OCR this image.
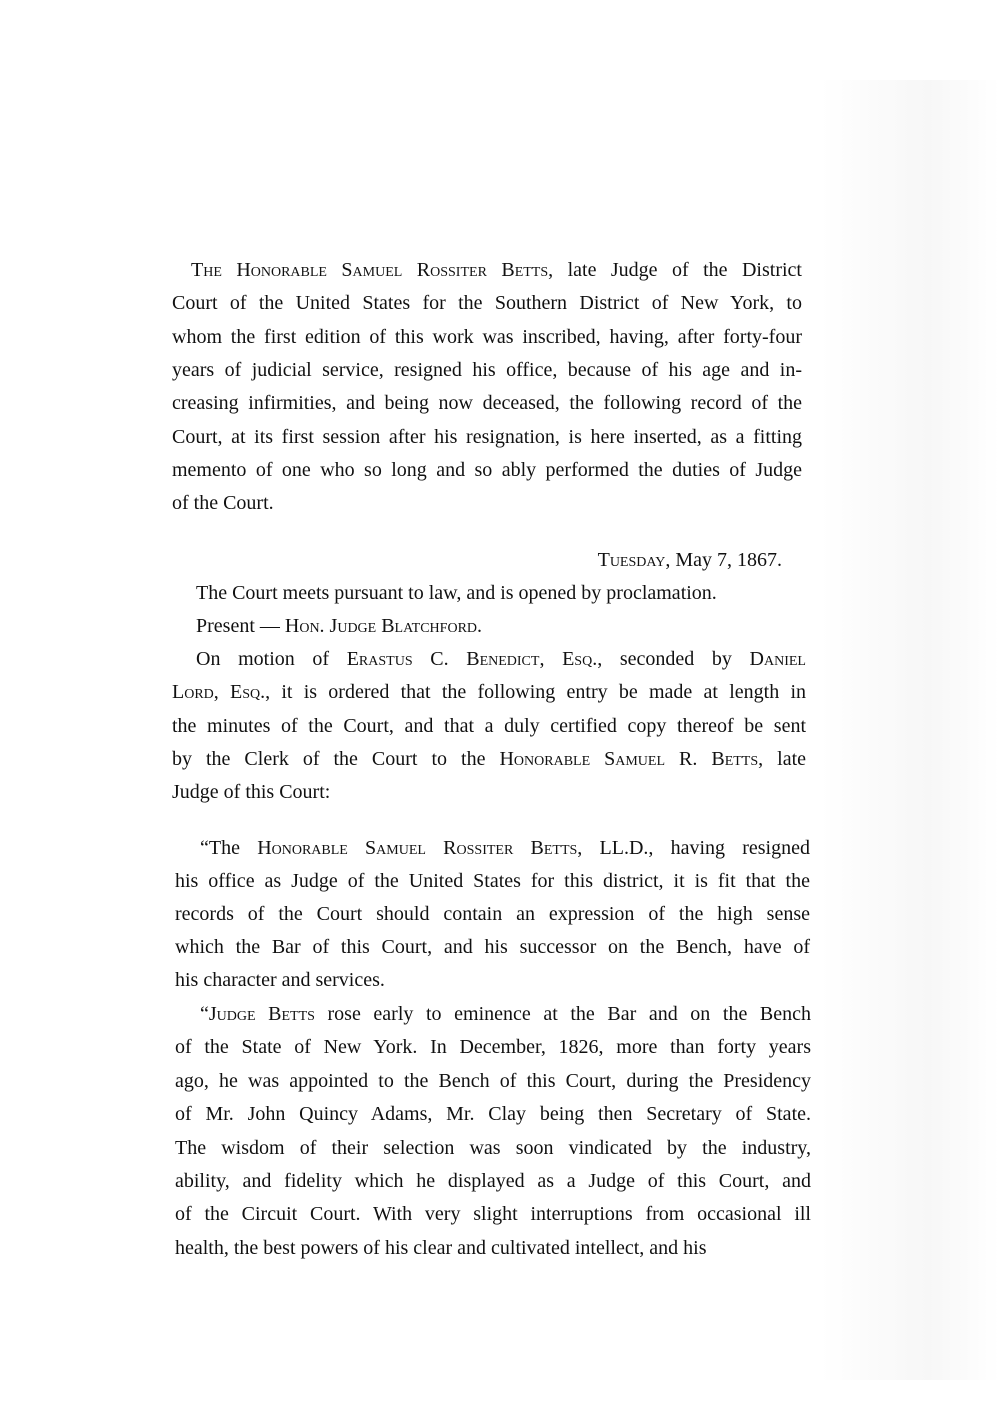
The Honorable Samuel Rossiter Betts, late Judge of the District
Court of the United States for the Southern District of New York, to
whom the first edition of this work was inscribed, having, after forty-four
years of judicial service, resigned his office, because of his age and in-
creasing infirmities, and being now deceased, the following record of the
Court, at its first session after his resignation, is here inserted, as a fitting
memento of one who so long and so ably performed the duties of Judge
of the Court.
Tuesday, May 7, 1867.
The Court meets pursuant to law, and is opened by proclamation.
Present — Hon. Judge Blatchford.
On motion of Erastus C. Benedict, Esq., seconded by Daniel
Lord, Esq., it is ordered that the following entry be made at length in
the minutes of the Court, and that a duly certified copy thereof be sent
by the Clerk of the Court to the Honorable Samuel R. Betts, late
Judge of this Court:
“The Honorable Samuel Rossiter Betts, LL.D., having resigned
his office as Judge of the United States for this district, it is fit that the
records of the Court should contain an expression of the high sense
which the Bar of this Court, and his successor on the Bench, have of
his character and services.
“Judge Betts rose early to eminence at the Bar and on the Bench
of the State of New York. In December, 1826, more than forty years
ago, he was appointed to the Bench of this Court, during the Presidency
of Mr. John Quincy Adams, Mr. Clay being then Secretary of State.
The wisdom of their selection was soon vindicated by the industry,
ability, and fidelity which he displayed as a Judge of this Court, and
of the Circuit Court. With very slight interruptions from occasional ill
health, the best powers of his clear and cultivated intellect, and his
